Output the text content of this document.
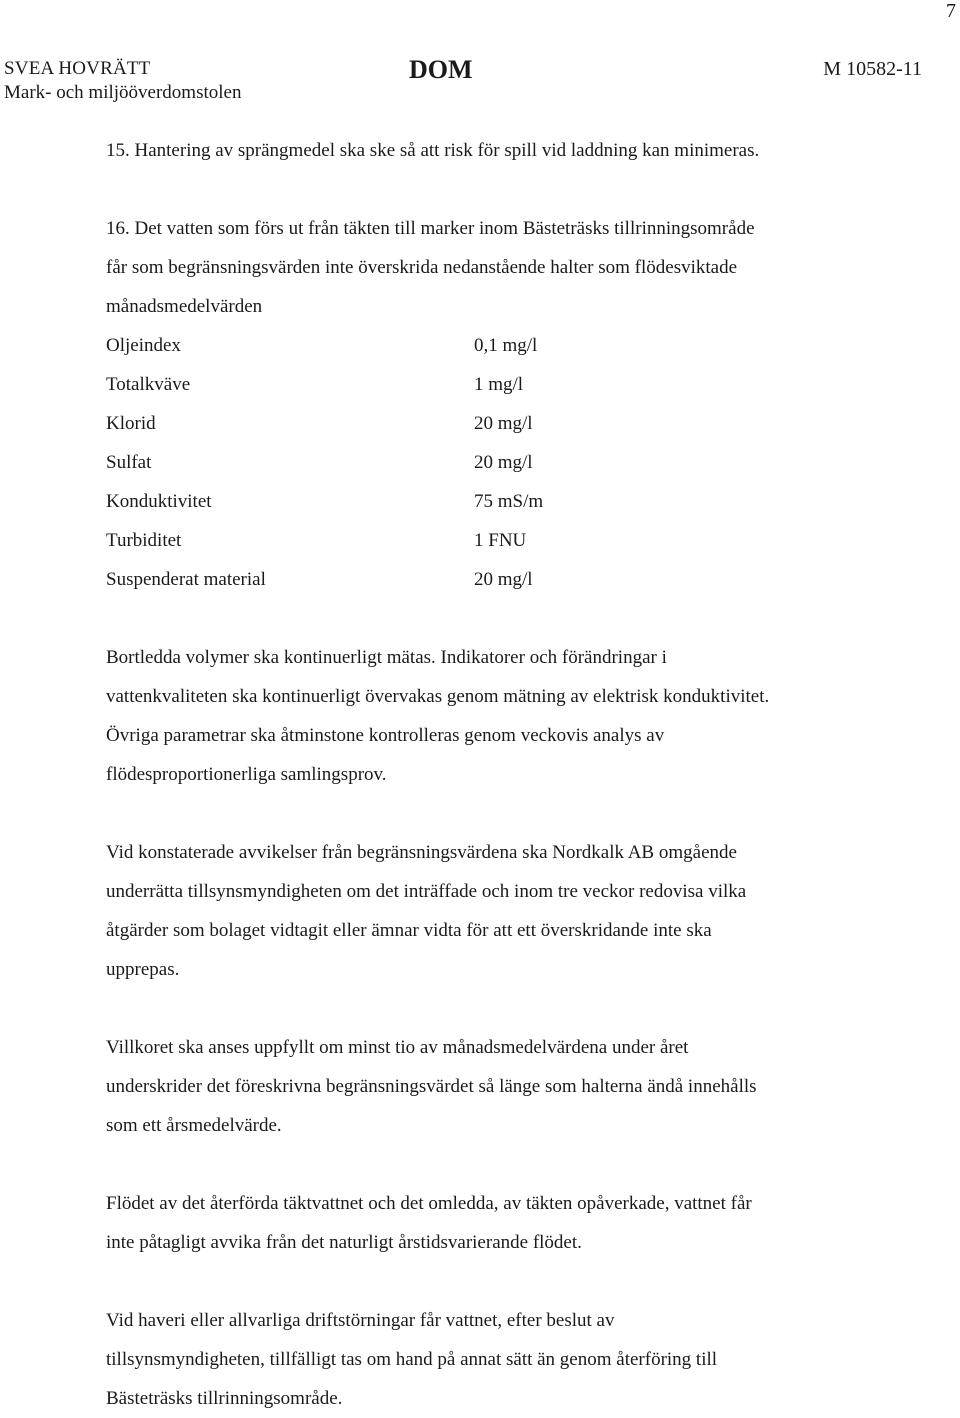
7
SVEA HOVRÄTT
Mark- och miljööverdomstolen
DOM	M 10582-11

15. Hantering av sprängmedel ska ske så att risk för spill vid laddning kan minimeras.

16. Det vatten som förs ut från täkten till marker inom Bästeträsks tillrinningsområde

får som begränsningsvärden inte överskrida nedanstående halter som flödesviktade

månadsmedelvärden

Oljeindex	0,1 mg/l
Totalkväve	1 mg/l
Klorid	20 mg/l
Sulfat	20 mg/l
Konduktivitet	75 mS/m
Turbiditet	1 FNU
Suspenderat material	20 mg/l

Bortledda volymer ska kontinuerligt mätas. Indikatorer och förändringar i

vattenkvaliteten ska kontinuerligt övervakas genom mätning av elektrisk konduktivitet.

Övriga parametrar ska åtminstone kontrolleras genom veckovis analys av

flödesproportionerliga samlingsprov.

Vid konstaterade avvikelser från begränsningsvärdena ska Nordkalk AB omgående

underrätta tillsynsmyndigheten om det inträffade och inom tre veckor redovisa vilka

åtgärder som bolaget vidtagit eller ämnar vidta för att ett överskridande inte ska

upprepas.

Villkoret ska anses uppfyllt om minst tio av månadsmedelvärdena under året

underskrider det föreskrivna begränsningsvärdet så länge som halterna ändå innehålls

som ett årsmedelvärde.

Flödet av det återförda täktvattnet och det omledda, av täkten opåverkade, vattnet får

inte påtagligt avvika från det naturligt årstidsvarierande flödet.

Vid haveri eller allvarliga driftstörningar får vattnet, efter beslut av

tillsynsmyndigheten, tillfälligt tas om hand på annat sätt än genom återföring till

Bästeträsks tillrinningsområde.
